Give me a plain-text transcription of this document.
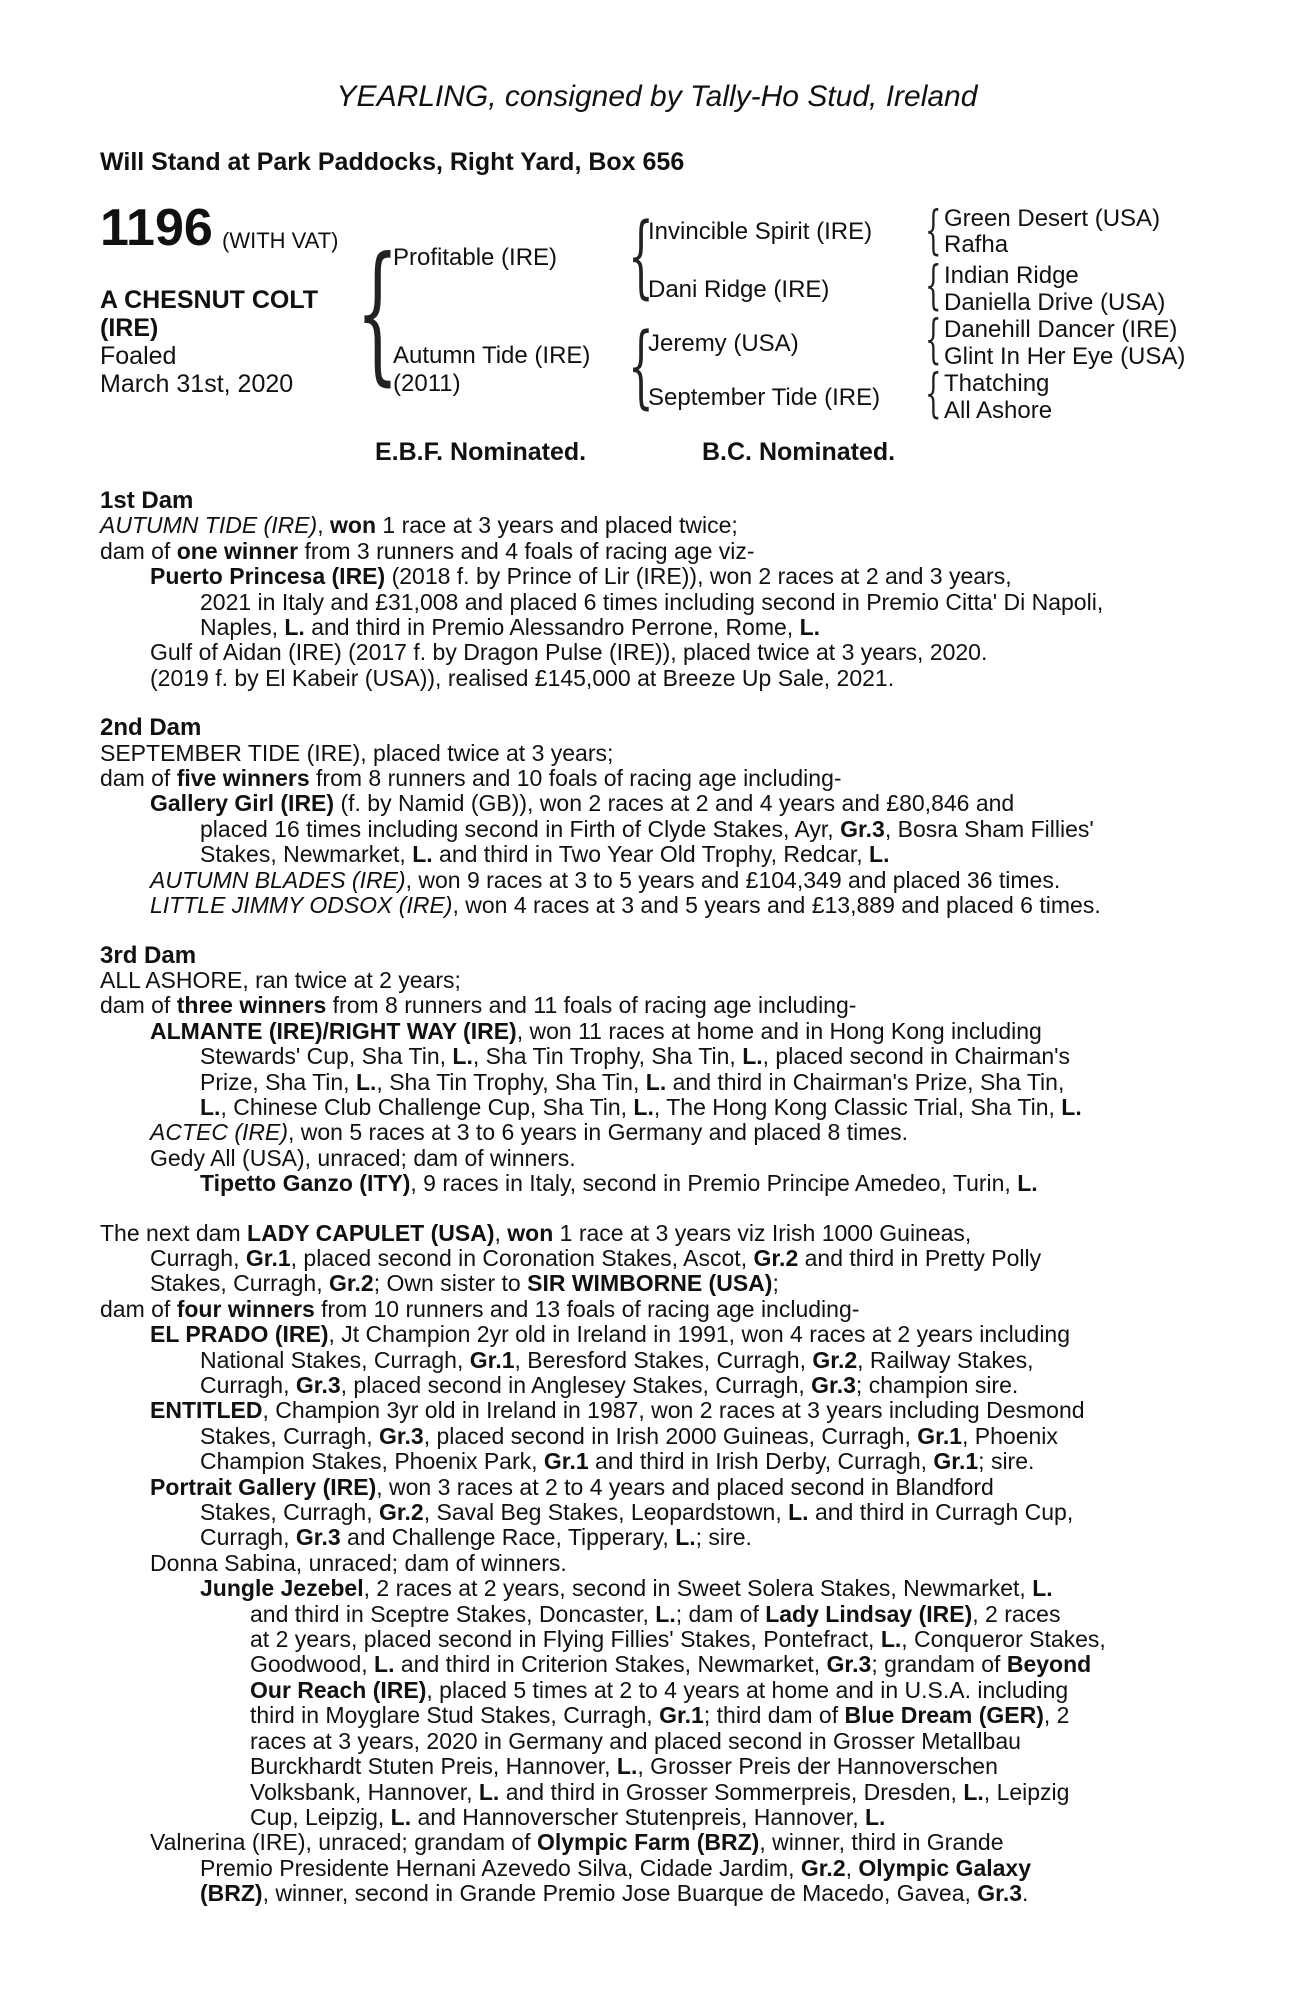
YEARLING, consigned by Tally-Ho Stud, Ireland
Will Stand at Park Paddocks, Right Yard, Box 656
1196 (WITH VAT)
A CHESNUT COLT
(IRE)
Foaled
March 31st, 2020 {
Profitable (IRE)
Autumn Tide (IRE)
(2011)
{
Invincible Spirit (IRE)
Dani Ridge (IRE)
{
Jeremy (USA)
September Tide (IRE)
{ Green Desert (USA)
Rafha
{ Indian Ridge
Daniella Drive (USA)
{ Danehill Dancer (IRE)
Glint In Her Eye (USA)
{ Thatching
All Ashore
E.B.F. Nominated.	B.C. Nominated.
1st Dam
AUTUMN TIDE (IRE), won 1 race at 3 years and placed twice;
dam of one winner from 3 runners and 4 foals of racing age viz-
Puerto Princesa (IRE) (2018 f. by Prince of Lir (IRE)), won 2 races at 2 and 3 years,
2021 in Italy and £31,008 and placed 6 times including second in Premio Citta' Di Napoli,
Naples, L. and third in Premio Alessandro Perrone, Rome, L.
Gulf of Aidan (IRE) (2017 f. by Dragon Pulse (IRE)), placed twice at 3 years, 2020.
(2019 f. by El Kabeir (USA)), realised £145,000 at Breeze Up Sale, 2021.
2nd Dam
SEPTEMBER TIDE (IRE), placed twice at 3 years;
dam of five winners from 8 runners and 10 foals of racing age including-
Gallery Girl (IRE) (f. by Namid (GB)), won 2 races at 2 and 4 years and £80,846 and
placed 16 times including second in Firth of Clyde Stakes, Ayr, Gr.3, Bosra Sham Fillies'
Stakes, Newmarket, L. and third in Two Year Old Trophy, Redcar, L.
AUTUMN BLADES (IRE), won 9 races at 3 to 5 years and £104,349 and placed 36 times.
LITTLE JIMMY ODSOX (IRE), won 4 races at 3 and 5 years and £13,889 and placed 6 times.
3rd Dam
ALL ASHORE, ran twice at 2 years;
dam of three winners from 8 runners and 11 foals of racing age including-
ALMANTE (IRE)/RIGHT WAY (IRE), won 11 races at home and in Hong Kong including
Stewards' Cup, Sha Tin, L., Sha Tin Trophy, Sha Tin, L., placed second in Chairman's
Prize, Sha Tin, L., Sha Tin Trophy, Sha Tin, L. and third in Chairman's Prize, Sha Tin,
L., Chinese Club Challenge Cup, Sha Tin, L., The Hong Kong Classic Trial, Sha Tin, L.
ACTEC (IRE), won 5 races at 3 to 6 years in Germany and placed 8 times.
Gedy All (USA), unraced; dam of winners.
Tipetto Ganzo (ITY), 9 races in Italy, second in Premio Principe Amedeo, Turin, L.
The next dam LADY CAPULET (USA), won 1 race at 3 years viz Irish 1000 Guineas,
Curragh, Gr.1, placed second in Coronation Stakes, Ascot, Gr.2 and third in Pretty Polly
Stakes, Curragh, Gr.2; Own sister to SIR WIMBORNE (USA);
dam of four winners from 10 runners and 13 foals of racing age including-
EL PRADO (IRE), Jt Champion 2yr old in Ireland in 1991, won 4 races at 2 years including
National Stakes, Curragh, Gr.1, Beresford Stakes, Curragh, Gr.2, Railway Stakes,
Curragh, Gr.3, placed second in Anglesey Stakes, Curragh, Gr.3; champion sire.
ENTITLED, Champion 3yr old in Ireland in 1987, won 2 races at 3 years including Desmond
Stakes, Curragh, Gr.3, placed second in Irish 2000 Guineas, Curragh, Gr.1, Phoenix
Champion Stakes, Phoenix Park, Gr.1 and third in Irish Derby, Curragh, Gr.1; sire.
Portrait Gallery (IRE), won 3 races at 2 to 4 years and placed second in Blandford
Stakes, Curragh, Gr.2, Saval Beg Stakes, Leopardstown, L. and third in Curragh Cup,
Curragh, Gr.3 and Challenge Race, Tipperary, L.; sire.
Donna Sabina, unraced; dam of winners.
Jungle Jezebel, 2 races at 2 years, second in Sweet Solera Stakes, Newmarket, L.
and third in Sceptre Stakes, Doncaster, L.; dam of Lady Lindsay (IRE), 2 races
at 2 years, placed second in Flying Fillies' Stakes, Pontefract, L., Conqueror Stakes,
Goodwood, L. and third in Criterion Stakes, Newmarket, Gr.3; grandam of Beyond
Our Reach (IRE), placed 5 times at 2 to 4 years at home and in U.S.A. including
third in Moyglare Stud Stakes, Curragh, Gr.1; third dam of Blue Dream (GER), 2
races at 3 years, 2020 in Germany and placed second in Grosser Metallbau
Burckhardt Stuten Preis, Hannover, L., Grosser Preis der Hannoverschen
Volksbank, Hannover, L. and third in Grosser Sommerpreis, Dresden, L., Leipzig
Cup, Leipzig, L. and Hannoverscher Stutenpreis, Hannover, L.
Valnerina (IRE), unraced; grandam of Olympic Farm (BRZ), winner, third in Grande
Premio Presidente Hernani Azevedo Silva, Cidade Jardim, Gr.2, Olympic Galaxy
(BRZ), winner, second in Grande Premio Jose Buarque de Macedo, Gavea, Gr.3.
